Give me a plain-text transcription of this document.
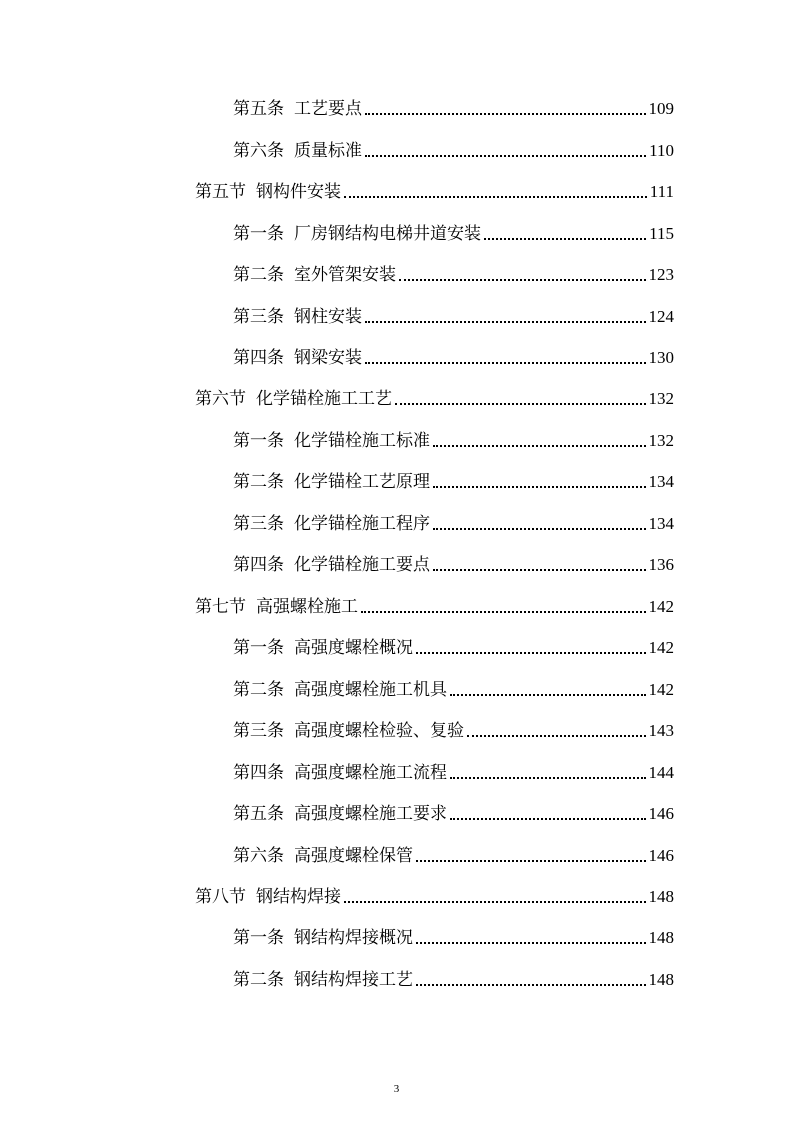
第五条 工艺要点	109
第六条 质量标准	110
第五节 钢构件安装	111
第一条 厂房钢结构电梯井道安装	115
第二条 室外管架安装	123
第三条 钢柱安装	124
第四条 钢梁安装	130
第六节 化学锚栓施工工艺	132
第一条 化学锚栓施工标准	132
第二条 化学锚栓工艺原理	134
第三条 化学锚栓施工程序	134
第四条 化学锚栓施工要点	136
第七节 高强螺栓施工	142
第一条 高强度螺栓概况	142
第二条 高强度螺栓施工机具	142
第三条 高强度螺栓检验、复验	143
第四条 高强度螺栓施工流程	144
第五条 高强度螺栓施工要求	146
第六条 高强度螺栓保管	146
第八节 钢结构焊接	148
第一条 钢结构焊接概况	148
第二条 钢结构焊接工艺	148
3
